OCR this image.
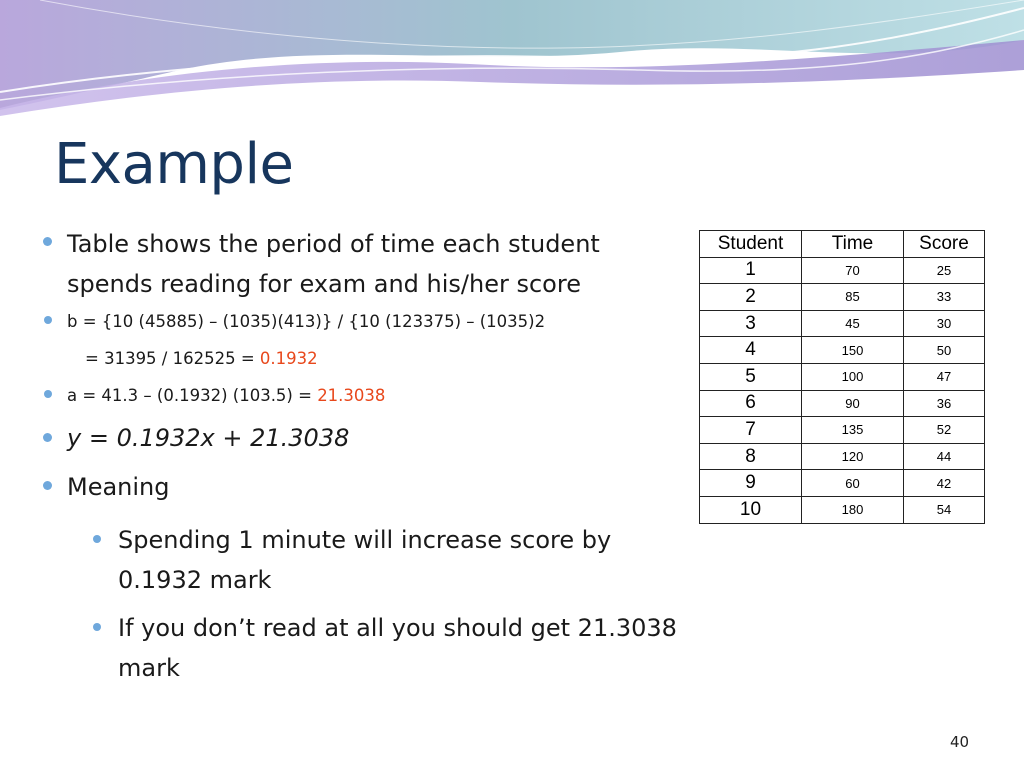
Example
Table shows the period of time each student spends reading for exam and his/her score
b = {10 (45885) – (1035)(413)} / {10 (123375) – (1035)2
= 31395 / 162525 = 0.1932
a = 41.3 – (0.1932) (103.5) = 21.3038
y = 0.1932x + 21.3038
Meaning
Spending 1 minute will increase score by 0.1932 mark
If you don’t read at all you should get 21.3038 mark
Student	Time	Score
1	70	25
2	85	33
3	45	30
4	150	50
5	100	47
6	90	36
7	135	52
8	120	44
9	60	42
10	180	54
40
